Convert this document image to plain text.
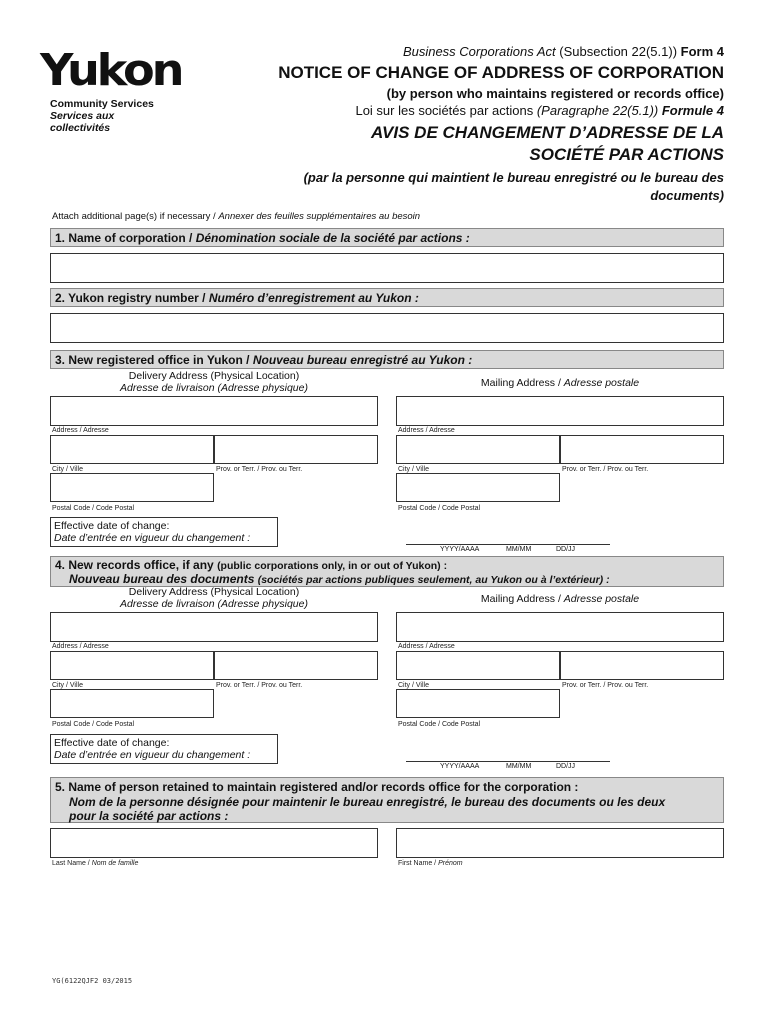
Yukon
Community Services
Services aux collectivités
Business Corporations Act (Subsection 22(5.1)) Form 4
NOTICE OF CHANGE OF ADDRESS OF CORPORATION
(by person who maintains registered or records office)
Loi sur les sociétés par actions (Paragraphe 22(5.1)) Formule 4
AVIS DE CHANGEMENT D’ADRESSE DE LA
SOCIÉTÉ PAR ACTIONS
(par la personne qui maintient le bureau enregistré ou le bureau des
documents)
Attach additional page(s) if necessary / Annexer des feuilles supplémentaires au besoin
1. Name of corporation / Dénomination sociale de la société par actions :
2. Yukon registry number / Numéro d’enregistrement au Yukon :
3. New registered office in Yukon / Nouveau bureau enregistré au Yukon :
Delivery Address (Physical Location)
Adresse de livraison (Adresse physique)	Mailing Address / Adresse postale
Address / Adresse	Address / Adresse
City / Ville	Prov. or Terr. / Prov. ou Terr.	City / Ville	Prov. or Terr. / Prov. ou Terr.
Postal Code / Code Postal	Postal Code / Code Postal
Effective date of change:
Date d’entrée en vigueur du changement :
YYYY/AAAA	MM/MM	DD/JJ
4. New records office, if any (public corporations only, in or out of Yukon) :
Nouveau bureau des documents (sociétés par actions publiques seulement, au Yukon ou à l’extérieur) :
Delivery Address (Physical Location)
Adresse de livraison (Adresse physique)	Mailing Address / Adresse postale
Address / Adresse	Address / Adresse
City / Ville	Prov. or Terr. / Prov. ou Terr.	City / Ville	Prov. or Terr. / Prov. ou Terr.
Postal Code / Code Postal	Postal Code / Code Postal
Effective date of change:
Date d’entrée en vigueur du changement :
YYYY/AAAA	MM/MM	DD/JJ
5. Name of person retained to maintain registered and/or records office for the corporation :
Nom de la personne désignée pour maintenir le bureau enregistré, le bureau des documents ou les deux
pour la société par actions :
Last Name / Nom de famille	First Name / Prénom
YG(6122QJF2 03/2015
